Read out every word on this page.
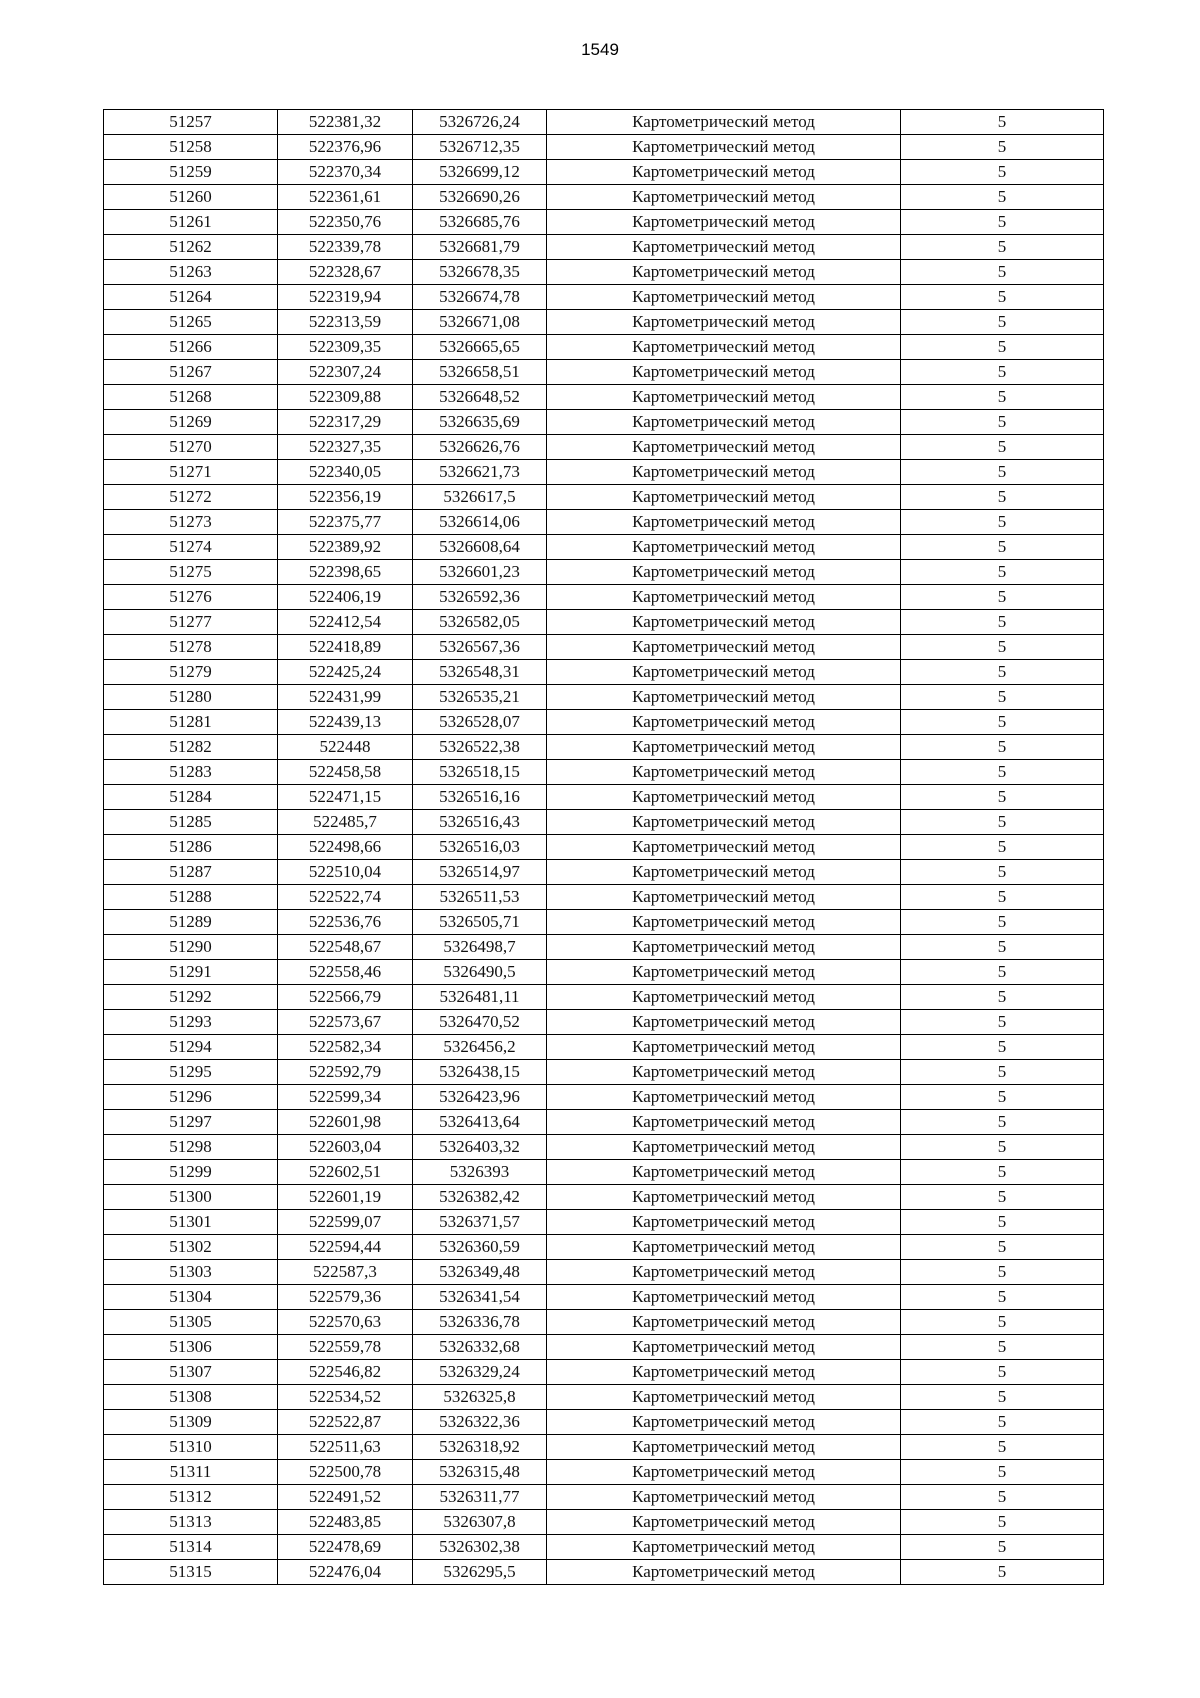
1549
51257	522381,32	5326726,24	Картометрический метод	5
51258	522376,96	5326712,35	Картометрический метод	5
51259	522370,34	5326699,12	Картометрический метод	5
51260	522361,61	5326690,26	Картометрический метод	5
51261	522350,76	5326685,76	Картометрический метод	5
51262	522339,78	5326681,79	Картометрический метод	5
51263	522328,67	5326678,35	Картометрический метод	5
51264	522319,94	5326674,78	Картометрический метод	5
51265	522313,59	5326671,08	Картометрический метод	5
51266	522309,35	5326665,65	Картометрический метод	5
51267	522307,24	5326658,51	Картометрический метод	5
51268	522309,88	5326648,52	Картометрический метод	5
51269	522317,29	5326635,69	Картометрический метод	5
51270	522327,35	5326626,76	Картометрический метод	5
51271	522340,05	5326621,73	Картометрический метод	5
51272	522356,19	5326617,5	Картометрический метод	5
51273	522375,77	5326614,06	Картометрический метод	5
51274	522389,92	5326608,64	Картометрический метод	5
51275	522398,65	5326601,23	Картометрический метод	5
51276	522406,19	5326592,36	Картометрический метод	5
51277	522412,54	5326582,05	Картометрический метод	5
51278	522418,89	5326567,36	Картометрический метод	5
51279	522425,24	5326548,31	Картометрический метод	5
51280	522431,99	5326535,21	Картометрический метод	5
51281	522439,13	5326528,07	Картометрический метод	5
51282	522448	5326522,38	Картометрический метод	5
51283	522458,58	5326518,15	Картометрический метод	5
51284	522471,15	5326516,16	Картометрический метод	5
51285	522485,7	5326516,43	Картометрический метод	5
51286	522498,66	5326516,03	Картометрический метод	5
51287	522510,04	5326514,97	Картометрический метод	5
51288	522522,74	5326511,53	Картометрический метод	5
51289	522536,76	5326505,71	Картометрический метод	5
51290	522548,67	5326498,7	Картометрический метод	5
51291	522558,46	5326490,5	Картометрический метод	5
51292	522566,79	5326481,11	Картометрический метод	5
51293	522573,67	5326470,52	Картометрический метод	5
51294	522582,34	5326456,2	Картометрический метод	5
51295	522592,79	5326438,15	Картометрический метод	5
51296	522599,34	5326423,96	Картометрический метод	5
51297	522601,98	5326413,64	Картометрический метод	5
51298	522603,04	5326403,32	Картометрический метод	5
51299	522602,51	5326393	Картометрический метод	5
51300	522601,19	5326382,42	Картометрический метод	5
51301	522599,07	5326371,57	Картометрический метод	5
51302	522594,44	5326360,59	Картометрический метод	5
51303	522587,3	5326349,48	Картометрический метод	5
51304	522579,36	5326341,54	Картометрический метод	5
51305	522570,63	5326336,78	Картометрический метод	5
51306	522559,78	5326332,68	Картометрический метод	5
51307	522546,82	5326329,24	Картометрический метод	5
51308	522534,52	5326325,8	Картометрический метод	5
51309	522522,87	5326322,36	Картометрический метод	5
51310	522511,63	5326318,92	Картометрический метод	5
51311	522500,78	5326315,48	Картометрический метод	5
51312	522491,52	5326311,77	Картометрический метод	5
51313	522483,85	5326307,8	Картометрический метод	5
51314	522478,69	5326302,38	Картометрический метод	5
51315	522476,04	5326295,5	Картометрический метод	5
